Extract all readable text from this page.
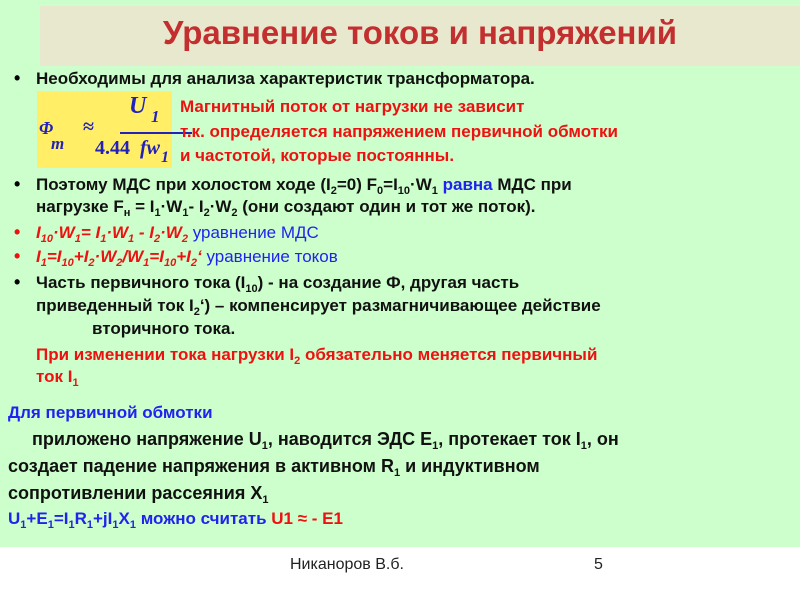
Уравнение токов и напряжений
• Необходимы для анализа характеристик трансформатора.
U 1
Φ
m
≈
4.44 fw 1
Магнитный поток от нагрузки не зависит
т.к. определяется напряжением первичной обмотки
и частотой, которые постоянны.
• Поэтому МДС при холостом ходе $(I_2=0)$ $F_0=I_{10}\cdot W_1$ равна МДС при
нагрузке $F_н = I_1\cdot W_1-$ $I_2\cdot W_2$ (они создают один и тот же поток).
• $I_{10}\cdot W_1= I_1\cdot W_1 - I_2\cdot W_2$ уравнение МДС
• $I_1=I_{10}+I_2\cdot W_2/W_1=I_{10}+I_2‘$ уравнение токов
• Часть первичного тока $(I_{10})$ - на создание Ф, другая часть
приведенный ток $I_2‘$) – компенсирует размагничивающее действие
вторичного тока.
При изменении тока нагрузки $I_2$ обязательно меняется первичный
ток $I_1$
Для первичной обмотки
приложено напряжение $U_1$, наводится ЭДС $Е_1$, протекает ток $I_1$, он
создает падение напряжения в активном $R_1$ и индуктивном
сопротивлении рассеяния $Х_1$
$U_1+E_1=I_1R_1+jI_1X_1$ можно считать U1 ≈ - E1
Никаноров В.б.	5
